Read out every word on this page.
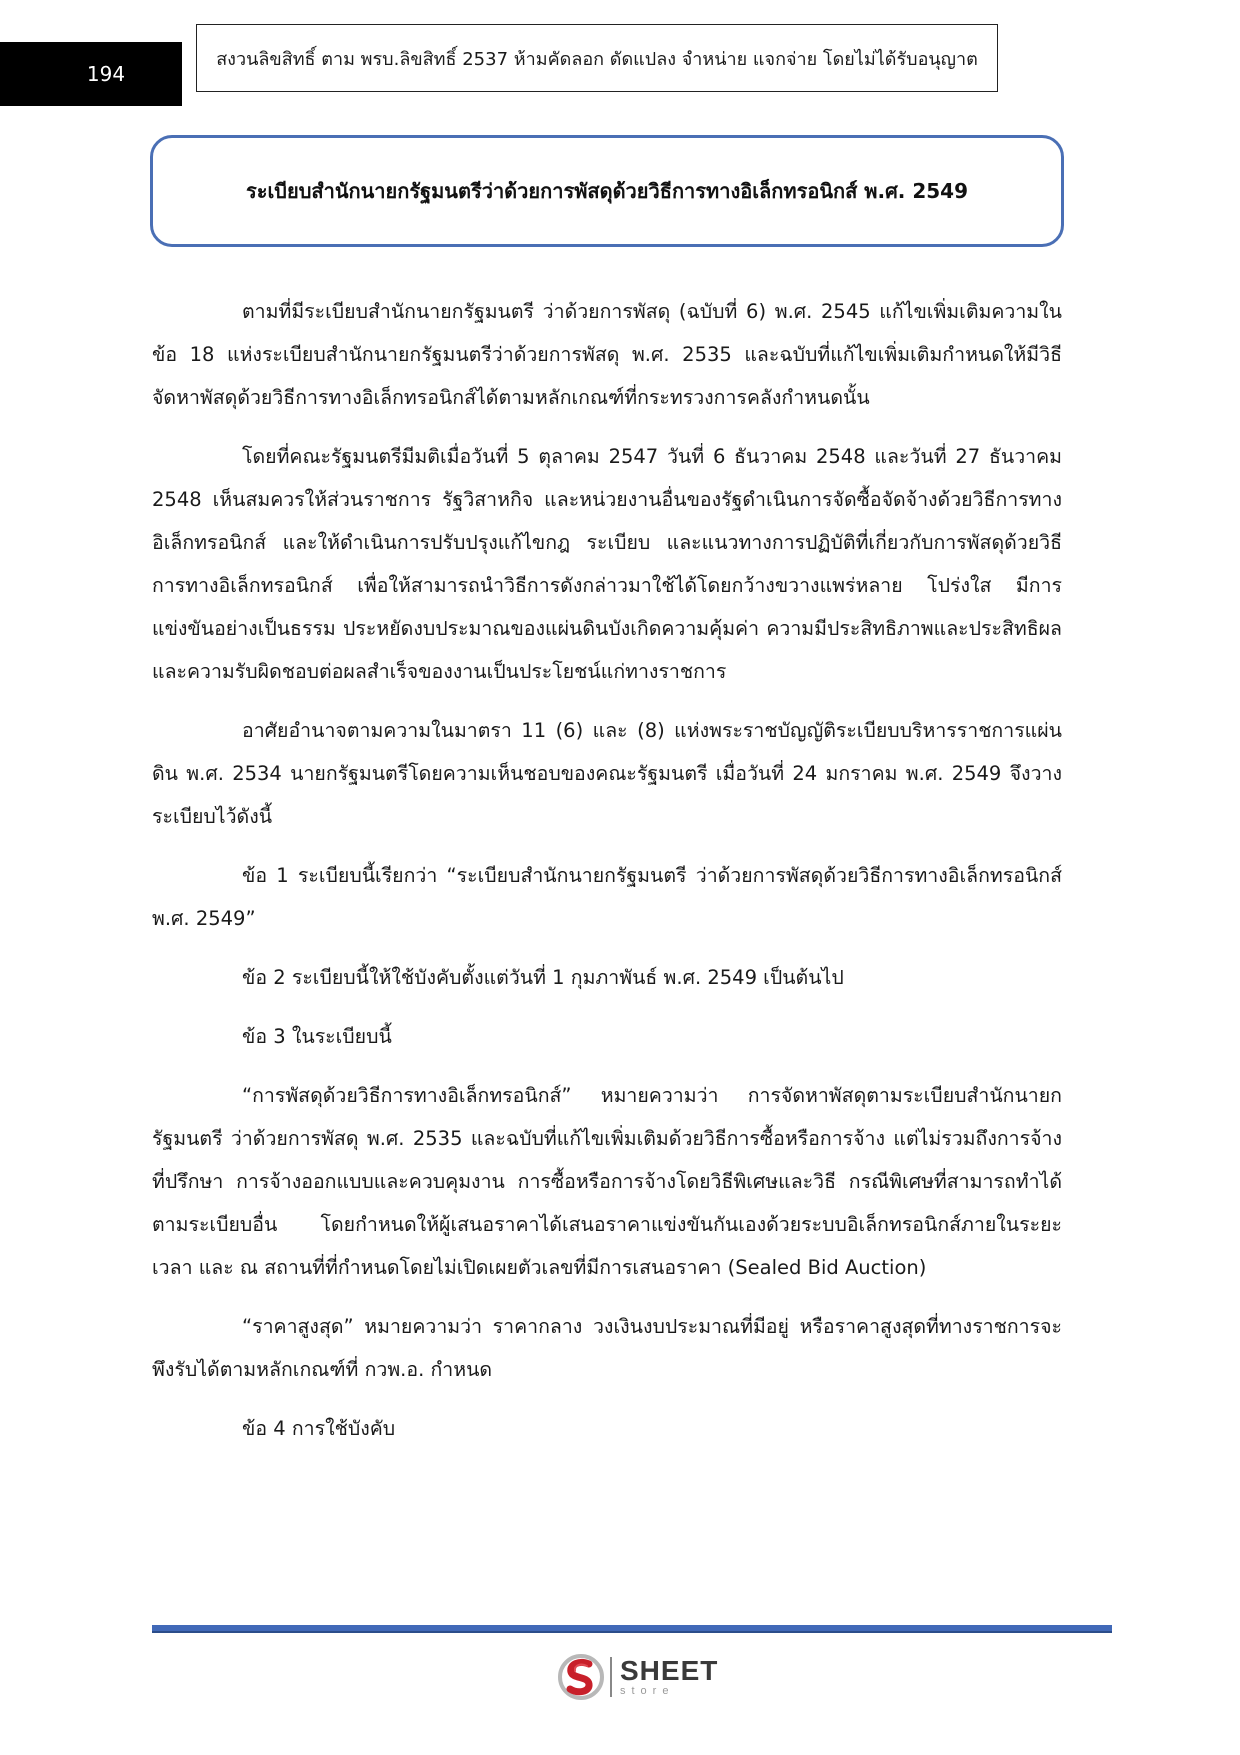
194
สงวนลิขสิทธิ์ ตาม พรบ.ลิขสิทธิ์ 2537 ห้ามคัดลอก ดัดแปลง จำหน่าย แจกจ่าย โดยไม่ได้รับอนุญาต
ระเบียบสำนักนายกรัฐมนตรีว่าด้วยการพัสดุด้วยวิธีการทางอิเล็กทรอนิกส์ พ.ศ. 2549

ตามที่มีระเบียบสำนักนายกรัฐมนตรี ว่าด้วยการพัสดุ (ฉบับที่ 6) พ.ศ. 2545 แก้ไขเพิ่มเติมความในข้อ 18 แห่งระเบียบสำนักนายกรัฐมนตรีว่าด้วยการพัสดุ พ.ศ. 2535 และฉบับที่แก้ไขเพิ่มเติมกำหนดให้มีวิธีจัดหาพัสดุด้วยวิธีการทางอิเล็กทรอนิกส์ได้ตามหลักเกณฑ์ที่กระทรวงการคลังกำหนดนั้น

โดยที่คณะรัฐมนตรีมีมติเมื่อวันที่ 5 ตุลาคม 2547 วันที่ 6 ธันวาคม 2548 และวันที่ 27 ธันวาคม 2548 เห็นสมควรให้ส่วนราชการ รัฐวิสาหกิจ และหน่วยงานอื่นของรัฐดำเนินการจัดซื้อจัดจ้างด้วยวิธีการทางอิเล็กทรอนิกส์ และให้ดำเนินการปรับปรุงแก้ไขกฎ ระเบียบ และแนวทางการปฏิบัติที่เกี่ยวกับการพัสดุด้วยวิธีการทางอิเล็กทรอนิกส์ เพื่อให้สามารถนำวิธีการดังกล่าวมาใช้ได้โดยกว้างขวางแพร่หลาย โปร่งใส มีการแข่งขันอย่างเป็นธรรม ประหยัดงบประมาณของแผ่นดินบังเกิดความคุ้มค่า ความมีประสิทธิภาพและประสิทธิผล และความรับผิดชอบต่อผลสำเร็จของงานเป็นประโยชน์แก่ทางราชการ

อาศัยอำนาจตามความในมาตรา 11 (6) และ (8) แห่งพระราชบัญญัติระเบียบบริหารราชการแผ่นดิน พ.ศ. 2534 นายกรัฐมนตรีโดยความเห็นชอบของคณะรัฐมนตรี เมื่อวันที่ 24 มกราคม พ.ศ. 2549 จึงวางระเบียบไว้ดังนี้

ข้อ 1 ระเบียบนี้เรียกว่า “ระเบียบสำนักนายกรัฐมนตรี ว่าด้วยการพัสดุด้วยวิธีการทางอิเล็กทรอนิกส์ พ.ศ. 2549”

ข้อ 2 ระเบียบนี้ให้ใช้บังคับตั้งแต่วันที่ 1 กุมภาพันธ์ พ.ศ. 2549 เป็นต้นไป

ข้อ 3 ในระเบียบนี้

“การพัสดุด้วยวิธีการทางอิเล็กทรอนิกส์” หมายความว่า การจัดหาพัสดุตามระเบียบสำนักนายกรัฐมนตรี ว่าด้วยการพัสดุ พ.ศ. 2535 และฉบับที่แก้ไขเพิ่มเติมด้วยวิธีการซื้อหรือการจ้าง แต่ไม่รวมถึงการจ้างที่ปรึกษา การจ้างออกแบบและควบคุมงาน การซื้อหรือการจ้างโดยวิธีพิเศษและวิธี กรณีพิเศษที่สามารถทำได้ตามระเบียบอื่น โดยกำหนดให้ผู้เสนอราคาได้เสนอราคาแข่งขันกันเองด้วยระบบอิเล็กทรอนิกส์ภายในระยะเวลา และ ณ สถานที่ที่กำหนดโดยไม่เปิดเผยตัวเลขที่มีการเสนอราคา (Sealed Bid Auction)

“ราคาสูงสุด” หมายความว่า ราคากลาง วงเงินงบประมาณที่มีอยู่ หรือราคาสูงสุดที่ทางราชการจะพึงรับได้ตามหลักเกณฑ์ที่ กวพ.อ. กำหนด

ข้อ 4 การใช้บังคับ

SHEET
store
